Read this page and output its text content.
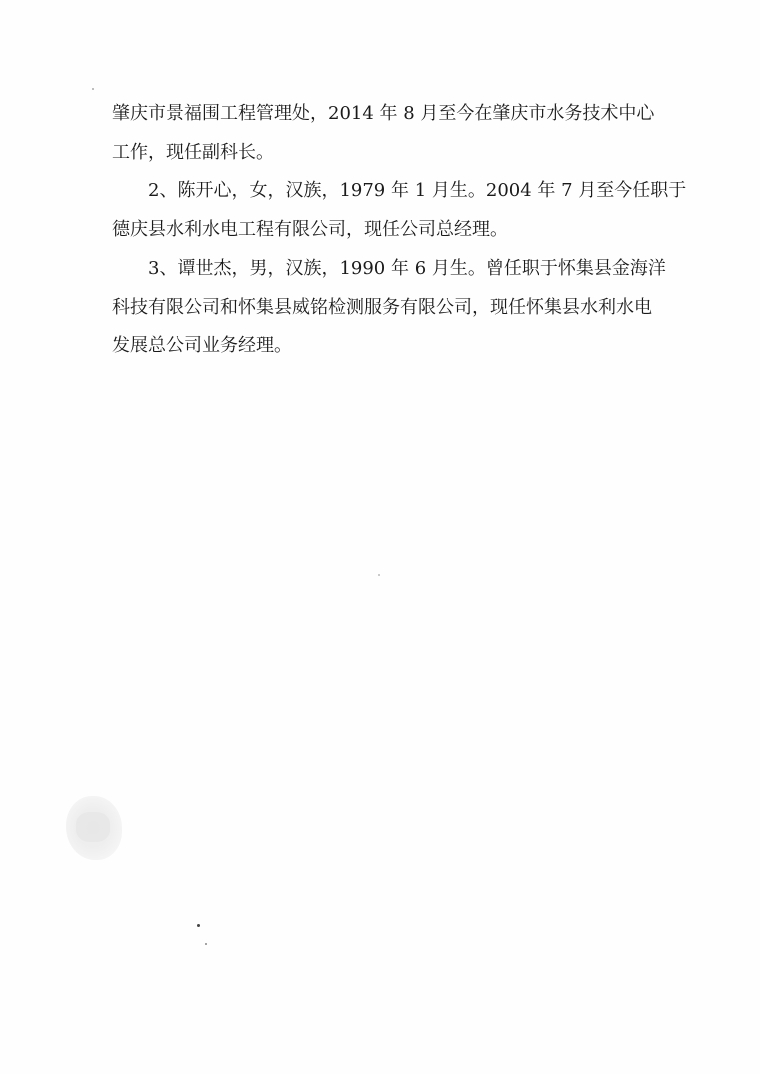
肇庆市景福围工程管理处，2014 年 8 月至今在肇庆市水务技术中心

工作，现任副科长。

2、陈开心，女，汉族，1979 年 1 月生。2004 年 7 月至今任职于

德庆县水利水电工程有限公司，现任公司总经理。

3、谭世杰，男，汉族，1990 年 6 月生。曾任职于怀集县金海洋

科技有限公司和怀集县威铭检测服务有限公司，现任怀集县水利水电

发展总公司业务经理。
